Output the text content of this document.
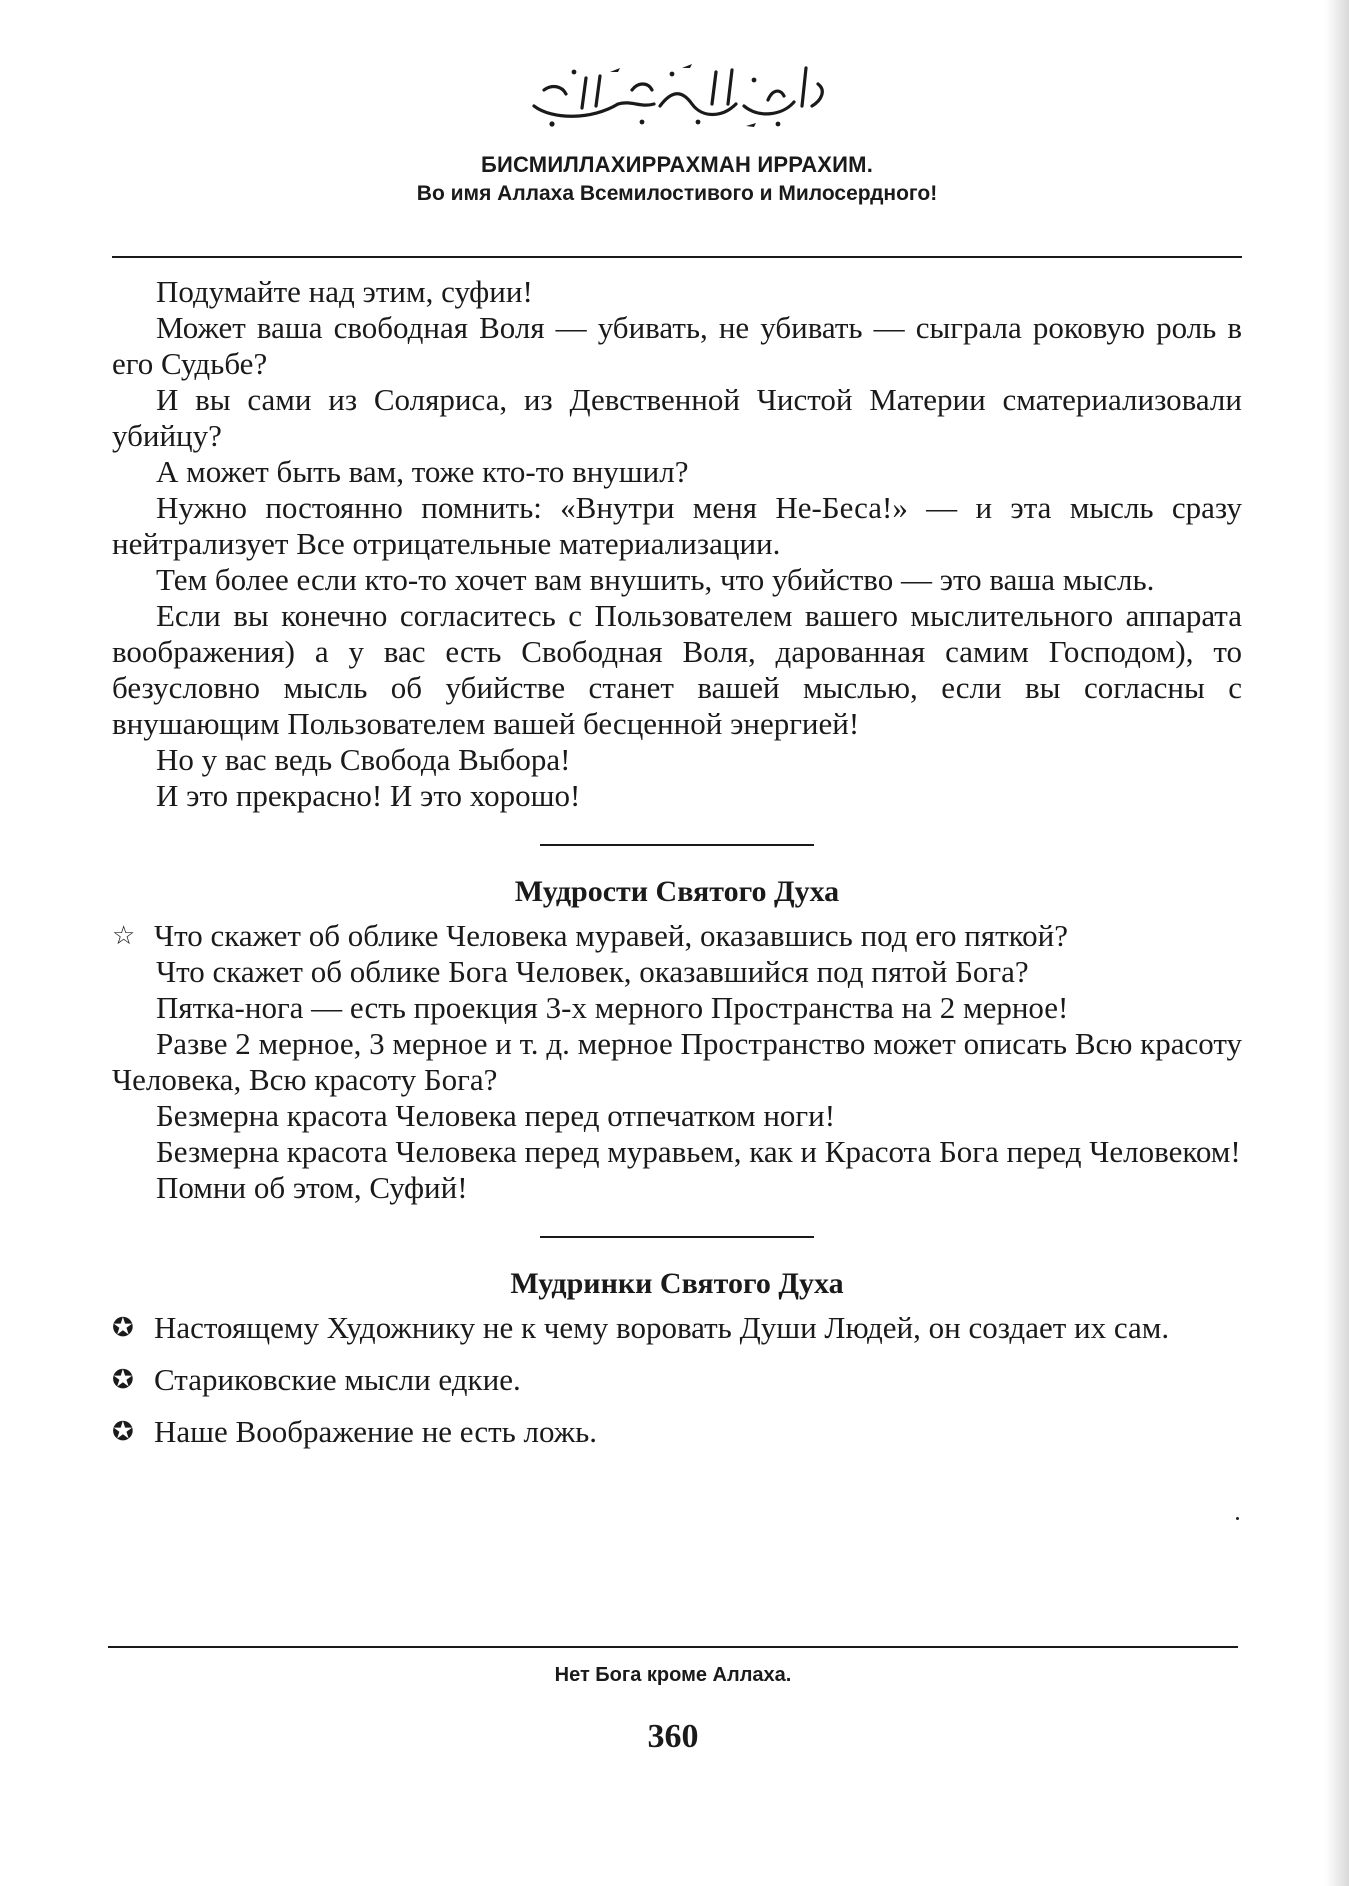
БИСМИЛЛАХИРРАХМАН ИРРАХИМ.
Во имя Аллаха Всемилостивого и Милосердного!

Подумайте над этим, суфии!

Может ваша свободная Воля — убивать, не убивать — сыграла роковую роль в его Судьбе?

И вы сами из Соляриса, из Девственной Чистой Материи сматериализовали убийцу?

А может быть вам, тоже кто-то внушил?

Нужно постоянно помнить: «Внутри меня Не-Беса!» — и эта мысль сразу нейтрализует Все отрицательные материализации.

Тем более если кто-то хочет вам внушить, что убийство — это ваша мысль.

Если вы конечно согласитесь с Пользователем вашего мыслительного аппарата воображения) а у вас есть Свободная Воля, дарованная самим Господом), то безусловно мысль об убийстве станет вашей мыслью, если вы согласны с внушающим Пользователем вашей бесценной энергией!

Но у вас ведь Свобода Выбора!

И это прекрасно! И это хорошо!

Мудрости Святого Духа

☆ Что скажет об облике Человека муравей, оказавшись под его пяткой?

Что скажет об облике Бога Человек, оказавшийся под пятой Бога?

Пятка-нога — есть проекция 3-х мерного Пространства на 2 мерное!

Разве 2 мерное, 3 мерное и т. д. мерное Пространство может описать Всю красоту Человека, Всю красоту Бога?

Безмерна красота Человека перед отпечатком ноги!

Безмерна красота Человека перед муравьем, как и Красота Бога перед Человеком!

Помни об этом, Суфий!

Мудринки Святого Духа

✪ Настоящему Художнику не к чему воровать Души Людей, он создает их сам.

✪ Стариковские мысли едкие.

✪ Наше Воображение не есть ложь.

Нет Бога кроме Аллаха.
360
